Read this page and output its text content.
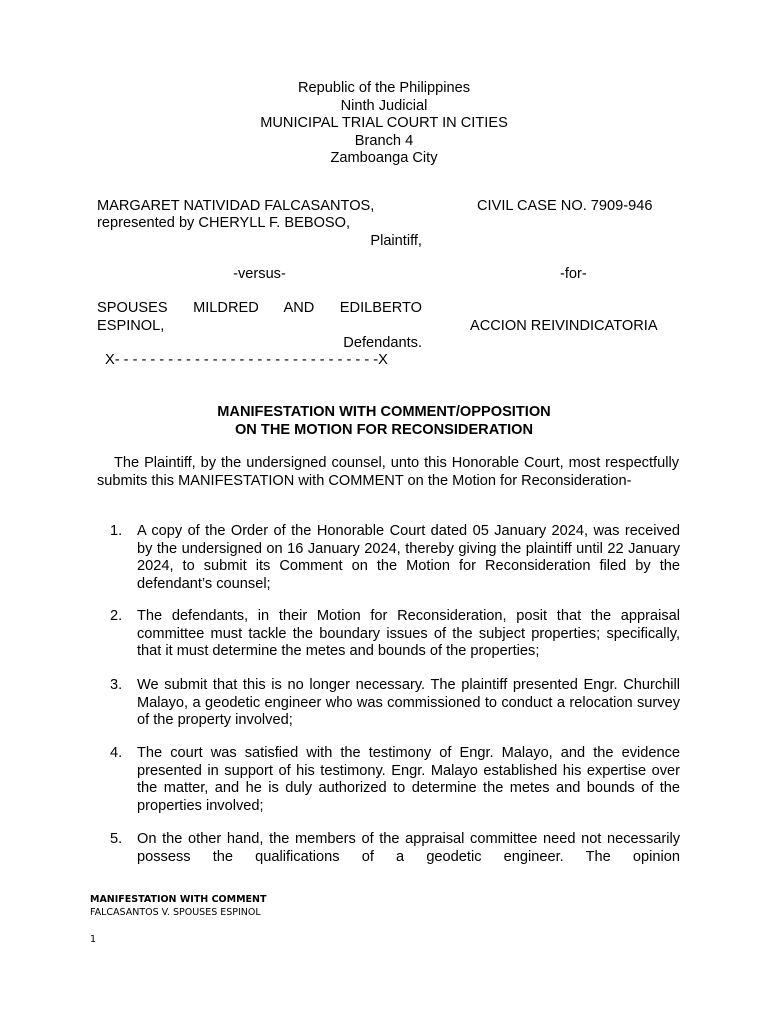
Republic of the Philippines
Ninth Judicial
MUNICIPAL TRIAL COURT IN CITIES
Branch 4
Zamboanga City
MARGARET NATIVIDAD FALCASANTOS,
represented by CHERYLL F. BEBOSO,
Plaintiff,
-versus-
SPOUSES MILDRED AND EDILBERTO
ESPINOL,
Defendants.
X- - - - - - - - - - - - - - - - - - - - - - - - - - - - - -X
CIVIL CASE NO. 7909-946
-for-
ACCION REIVINDICATORIA
MANIFESTATION WITH COMMENT/OPPOSITION
ON THE MOTION FOR RECONSIDERATION
The Plaintiff, by the undersigned counsel, unto this Honorable Court, most respectfully submits this MANIFESTATION with COMMENT on the Motion for Reconsideration-
1.	A copy of the Order of the Honorable Court dated 05 January 2024, was received by the undersigned on 16 January 2024, thereby giving the plaintiff until 22 January 2024, to submit its Comment on the Motion for Reconsideration filed by the defendant’s counsel;
2.	The defendants, in their Motion for Reconsideration, posit that the appraisal committee must tackle the boundary issues of the subject properties; specifically, that it must determine the metes and bounds of the properties;
3.	We submit that this is no longer necessary. The plaintiff presented Engr. Churchill Malayo, a geodetic engineer who was commissioned to conduct a relocation survey of the property involved;
4.	The court was satisfied with the testimony of Engr. Malayo, and the evidence presented in support of his testimony. Engr. Malayo established his expertise over the matter, and he is duly authorized to determine the metes and bounds of the properties involved;
5.	On the other hand, the members of the appraisal committee need not necessarily possess the qualifications of a geodetic engineer. The opinion
MANIFESTATION WITH COMMENT
FALCASANTOS V. SPOUSES ESPINOL
1
